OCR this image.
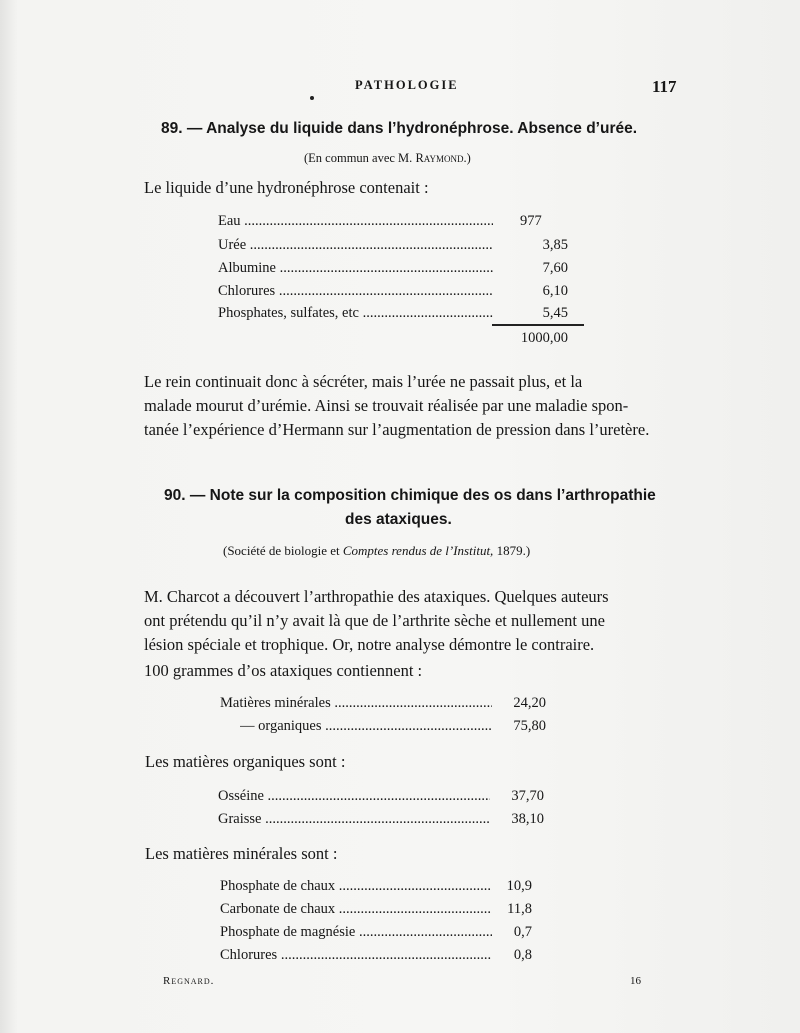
PATHOLOGIE	117
89. — Analyse du liquide dans l’hydronéphrose. Absence d’urée.
(En commun avec M. Raymond.)
Le liquide d’une hydronéphrose contenait :
Eau .....	977
Urée .....	3,85
Albumine .....	7,60
Chlorures .....	6,10
Phosphates, sulfates, etc .....	5,45
1000,00
Le rein continuait donc à sécréter, mais l’urée ne passait plus, et la
malade mourut d’urémie. Ainsi se trouvait réalisée par une maladie spon-
tanée l’expérience d’Hermann sur l’augmentation de pression dans l’uretère.
90. — Note sur la composition chimique des os dans l’arthropathie
des ataxiques.
(Société de biologie et Comptes rendus de l’Institut, 1879.)
M. Charcot a découvert l’arthropathie des ataxiques. Quelques auteurs
ont prétendu qu’il n’y avait là que de l’arthrite sèche et nullement une
lésion spéciale et trophique. Or, notre analyse démontre le contraire.
100 grammes d’os ataxiques contiennent :
Matières minérales .....	24,20
— organiques .....	75,80
Les matières organiques sont :
Osséine .....	37,70
Graisse .....	38,10
Les matières minérales sont :
Phosphate de chaux .....	10,9
Carbonate de chaux .....	11,8
Phosphate de magnésie .....	0,7
Chlorures .....	0,8
Regnard.	16
